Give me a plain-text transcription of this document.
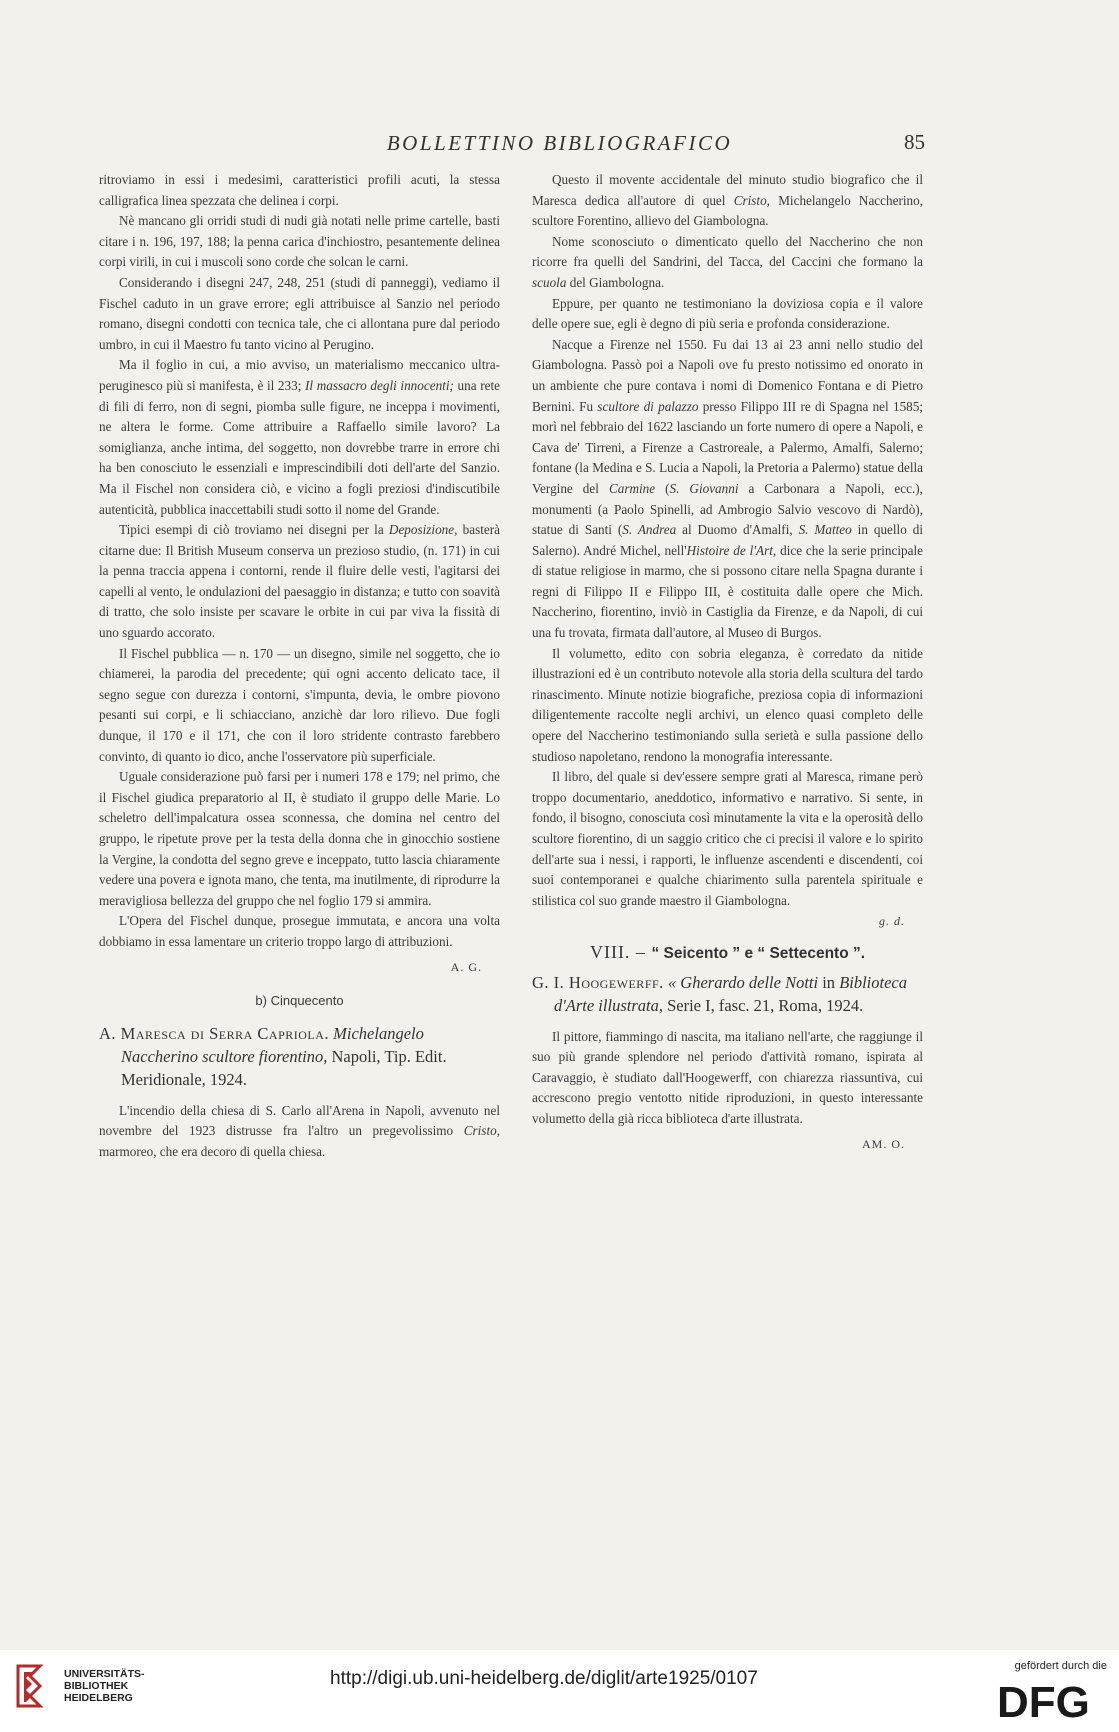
BOLLETTINO BIBLIOGRAFICO	85

ritroviamo in essi i medesimi, caratteristici profili acuti, la stessa calligrafica linea spezzata che delinea i corpi.

Nè mancano gli orridi studi di nudi già notati nelle prime cartelle, basti citare i n. 196, 197, 188; la penna carica d'inchiostro, pesantemente delinea corpi virili, in cui i muscoli sono corde che solcan le carni.

Considerando i disegni 247, 248, 251 (studi di panneggi), vediamo il Fischel caduto in un grave errore; egli attribuisce al Sanzio nel periodo romano, disegni condotti con tecnica tale, che ci allontana pure dal periodo umbro, in cui il Maestro fu tanto vicino al Perugino.

Ma il foglio in cui, a mio avviso, un materialismo meccanico ultra-peruginesco più si manifesta, è il 233; Il massacro degli innocenti; una rete di fili di ferro, non di segni, piomba sulle figure, ne inceppa i movimenti, ne altera le forme. Come attribuire a Raffaello simile lavoro? La somiglianza, anche intima, del soggetto, non dovrebbe trarre in errore chi ha ben conosciuto le essenziali e imprescindibili doti dell'arte del Sanzio. Ma il Fischel non considera ciò, e vicino a fogli preziosi d'indiscutibile autenticità, pubblica inaccettabili studi sotto il nome del Grande.

Tipici esempi di ciò troviamo nei disegni per la Deposizione, basterà citarne due: Il British Museum conserva un prezioso studio, (n. 171) in cui la penna traccia appena i contorni, rende il fluire delle vesti, l'agitarsi dei capelli al vento, le ondulazioni del paesaggio in distanza; e tutto con soavità di tratto, che solo insiste per scavare le orbite in cui par viva la fissità di uno sguardo accorato.

Il Fischel pubblica — n. 170 — un disegno, simile nel soggetto, che io chiamerei, la parodia del precedente; qui ogni accento delicato tace, il segno segue con durezza i contorni, s'impunta, devia, le ombre piovono pesanti sui corpi, e li schiacciano, anzichè dar loro rilievo. Due fogli dunque, il 170 e il 171, che con il loro stridente contrasto farebbero convinto, di quanto io dico, anche l'osservatore più superficiale.

Uguale considerazione può farsi per i numeri 178 e 179; nel primo, che il Fischel giudica preparatorio al II, è studiato il gruppo delle Marie. Lo scheletro dell'impalcatura ossea sconnessa, che domina nel centro del gruppo, le ripetute prove per la testa della donna che in ginocchio sostiene la Vergine, la condotta del segno greve e inceppato, tutto lascia chiaramente vedere una povera e ignota mano, che tenta, ma inutilmente, di riprodurre la meravigliosa bellezza del gruppo che nel foglio 179 si ammira.

L'Opera del Fischel dunque, prosegue immutata, e ancora una volta dobbiamo in essa lamentare un criterio troppo largo di attribuzioni.

A. G.
b) Cinquecento
A. Maresca di Serra Capriola. Michelangelo Naccherino scultore fiorentino, Napoli, Tip. Edit. Meridionale, 1924.

L'incendio della chiesa di S. Carlo all'Arena in Napoli, avvenuto nel novembre del 1923 distrusse fra l'altro un pregevolissimo Cristo, marmoreo, che era decoro di quella chiesa.

Questo il movente accidentale del minuto studio biografico che il Maresca dedica all'autore di quel Cristo, Michelangelo Naccherino, scultore Forentino, allievo del Giambologna.

Nome sconosciuto o dimenticato quello del Naccherino che non ricorre fra quelli del Sandrini, del Tacca, del Caccini che formano la scuola del Giambologna.

Eppure, per quanto ne testimoniano la doviziosa copia e il valore delle opere sue, egli è degno di più seria e profonda considerazione.

Nacque a Firenze nel 1550. Fu dai 13 ai 23 anni nello studio del Giambologna. Passò poi a Napoli ove fu presto notissimo ed onorato in un ambiente che pure contava i nomi di Domenico Fontana e di Pietro Bernini. Fu scultore di palazzo presso Filippo III re di Spagna nel 1585; morì nel febbraio del 1622 lasciando un forte numero di opere a Napoli, e Cava de' Tirreni, a Firenze a Castroreale, a Palermo, Amalfi, Salerno; fontane (la Medina e S. Lucia a Napoli, la Pretoria a Palermo) statue della Vergine del Carmine (S. Giovanni a Carbonara a Napoli, ecc.), monumenti (a Paolo Spinelli, ad Ambrogio Salvio vescovo di Nardò), statue di Santi (S. Andrea al Duomo d'Amalfi, S. Matteo in quello di Salerno). André Michel, nell'Histoire de l'Art, dice che la serie principale di statue religiose in marmo, che si possono citare nella Spagna durante i regni di Filippo II e Filippo III, è costituita dalle opere che Mich. Naccherino, fiorentino, inviò in Castiglia da Firenze, e da Napoli, di cui una fu trovata, firmata dall'autore, al Museo di Burgos.

Il volumetto, edito con sobria eleganza, è corredato da nitide illustrazioni ed è un contributo notevole alla storia della scultura del tardo rinascimento. Minute notizie biografiche, preziosa copia di informazioni diligentemente raccolte negli archivi, un elenco quasi completo delle opere del Naccherino testimoniando sulla serietà e sulla passione dello studioso napoletano, rendono la monografia interessante.

Il libro, del quale si dev'essere sempre grati al Maresca, rimane però troppo documentario, aneddotico, informativo e narrativo. Si sente, in fondo, il bisogno, conosciuta così minutamente la vita e la operosità dello scultore fiorentino, di un saggio critico che ci precisi il valore e lo spirito dell'arte sua i nessi, i rapporti, le influenze ascendenti e discendenti, coi suoi contemporanei e qualche chiarimento sulla parentela spirituale e stilistica col suo grande maestro il Giambologna.

g. d.
VIII. – “ Seicento ” e “ Settecento ”.
G. I. Hoogewerff. « Gherardo delle Notti in Biblioteca d'Arte illustrata, Serie I, fasc. 21, Roma, 1924.

Il pittore, fiammingo di nascita, ma italiano nell'arte, che raggiunge il suo più grande splendore nel periodo d'attività romano, ispirata al Caravaggio, è studiato dall'Hoogewerff, con chiarezza riassuntiva, cui accrescono pregio ventotto nitide riproduzioni, in questo interessante volumetto della già ricca biblioteca d'arte illustrata.

AM. O.
UNIVERSITÄTS-
BIBLIOTHEK
HEIDELBERG
http://digi.ub.uni-heidelberg.de/diglit/arte1925/0107
gefördert durch die
DFG
